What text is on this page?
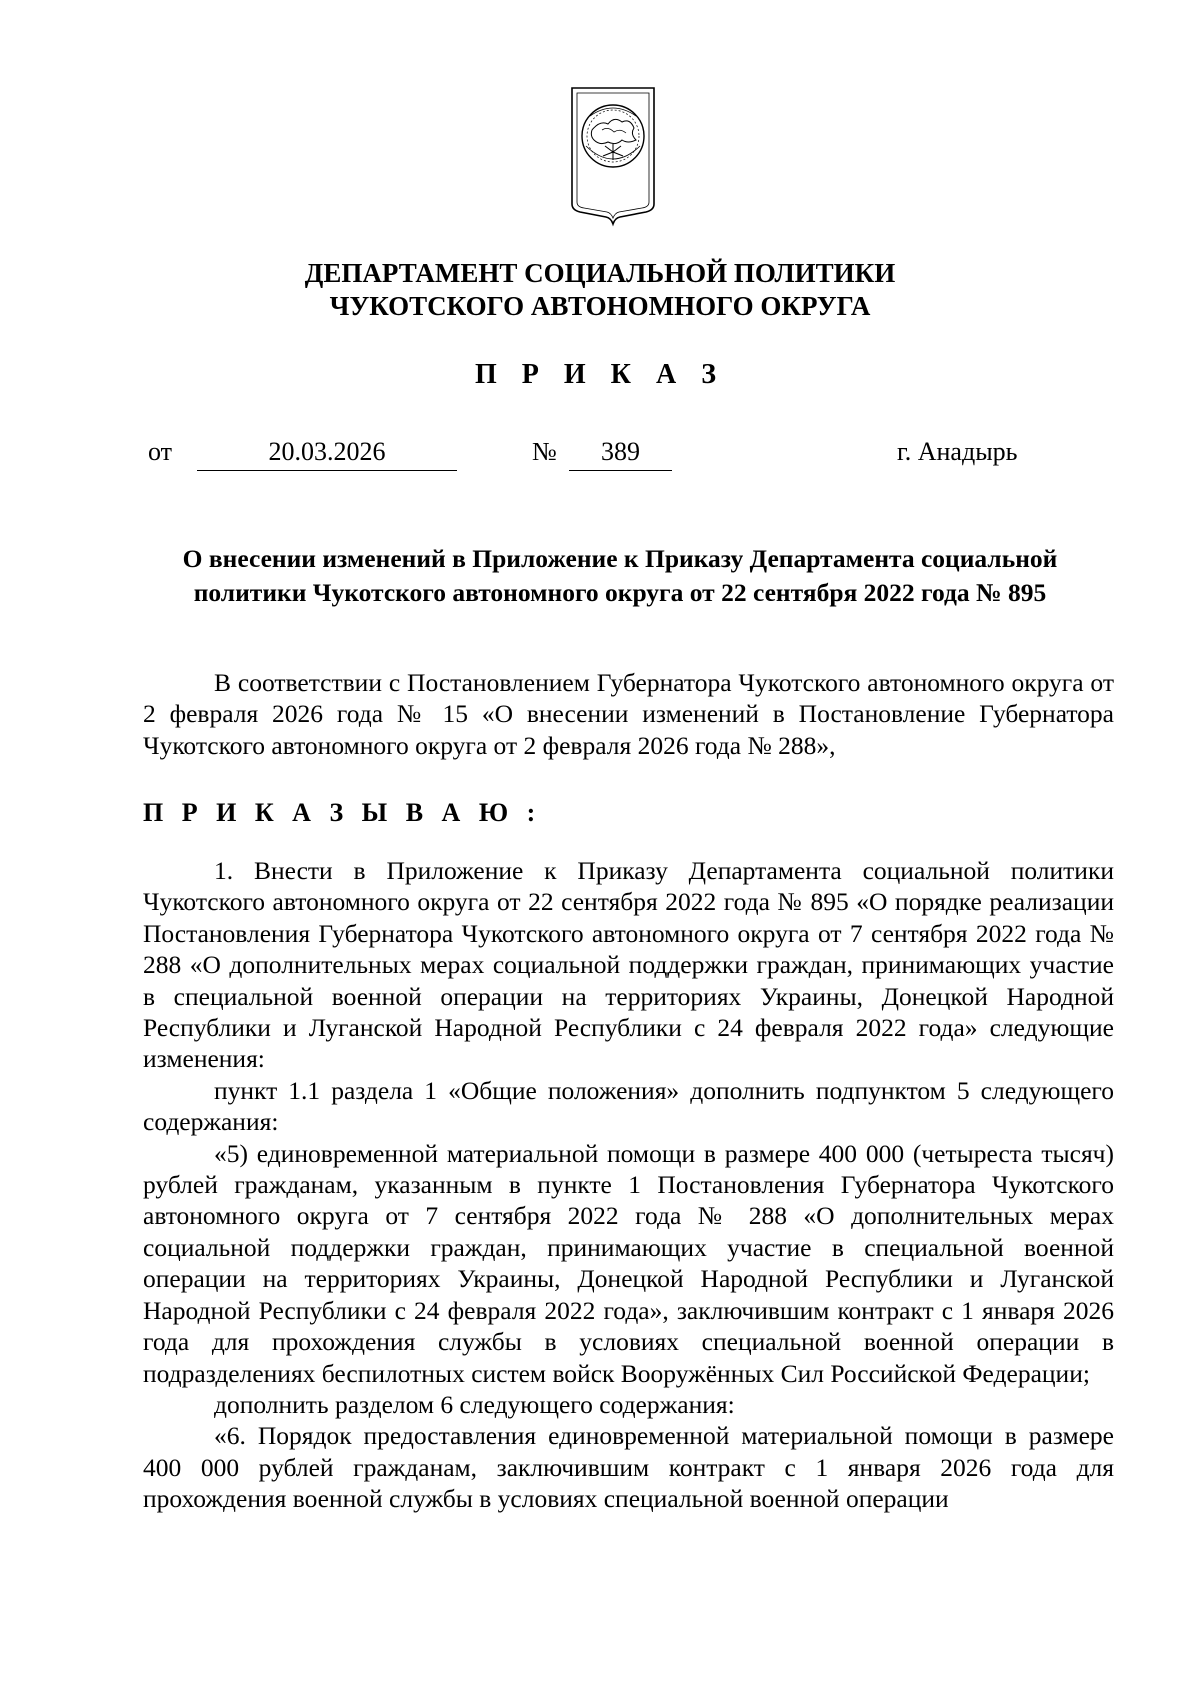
ДЕПАРТАМЕНТ СОЦИАЛЬНОЙ ПОЛИТИКИ
ЧУКОТСКОГО АВТОНОМНОГО ОКРУГА
П Р И К А З
от	20.03.2026	№	389	г. Анадырь
О внесении изменений в Приложение к Приказу Департамента социальной
политики Чукотского автономного округа от 22 сентября 2022 года № 895

В соответствии с Постановлением Губернатора Чукотского автономного округа от 2 февраля 2026 года № 15 «О внесении изменений в Постановление Губернатора Чукотского автономного округа от 2 февраля 2026 года № 288»,

П Р И К А З Ы В А Ю :

1. Внести в Приложение к Приказу Департамента социальной политики Чукотского автономного округа от 22 сентября 2022 года № 895 «О порядке реализации Постановления Губернатора Чукотского автономного округа от 7 сентября 2022 года № 288 «О дополнительных мерах социальной поддержки граждан, принимающих участие в специальной военной операции на территориях Украины, Донецкой Народной Республики и Луганской Народной Республики с 24 февраля 2022 года» следующие изменения:

пункт 1.1 раздела 1 «Общие положения» дополнить подпунктом 5 следующего содержания:

«5) единовременной материальной помощи в размере 400 000 (четыреста тысяч) рублей гражданам, указанным в пункте 1 Постановления Губернатора Чукотского автономного округа от 7 сентября 2022 года № 288 «О дополнительных мерах социальной поддержки граждан, принимающих участие в специальной военной операции на территориях Украины, Донецкой Народной Республики и Луганской Народной Республики с 24 февраля 2022 года», заключившим контракт с 1 января 2026 года для прохождения службы в условиях специальной военной операции в подразделениях беспилотных систем войск Вооружённых Сил Российской Федерации;

дополнить разделом 6 следующего содержания:

«6. Порядок предоставления единовременной материальной помощи в размере 400 000 рублей гражданам, заключившим контракт с 1 января 2026 года для прохождения военной службы в условиях специальной военной операции
